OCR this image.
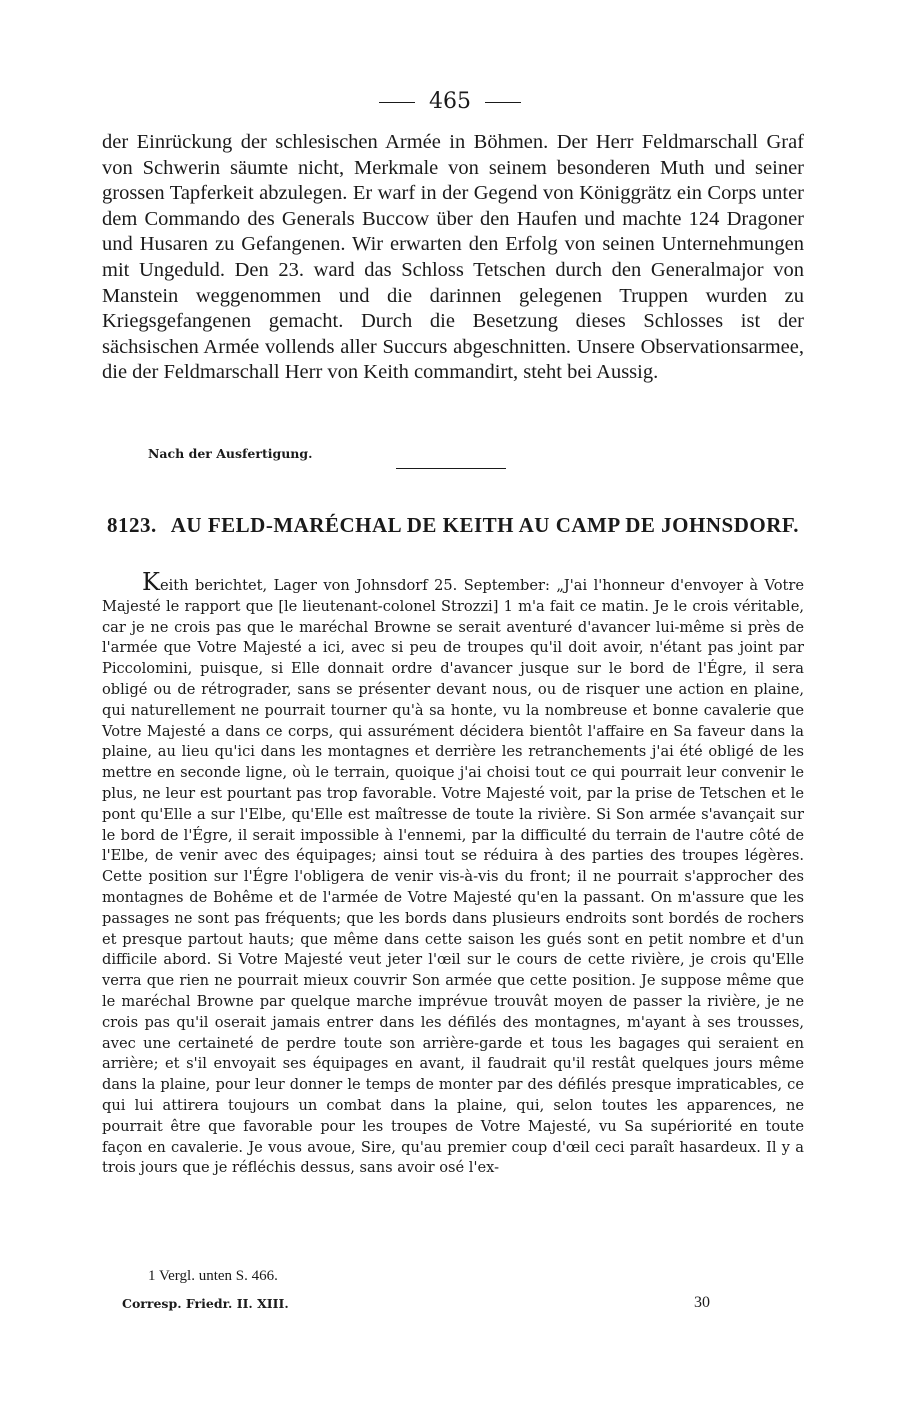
465

der Einrückung der schlesischen Armée in Böhmen. Der Herr Feldmarschall Graf von Schwerin säumte nicht, Merkmale von seinem besonderen Muth und seiner grossen Tapferkeit abzulegen. Er warf in der Gegend von Königgrätz ein Corps unter dem Commando des Generals Buccow über den Haufen und machte 124 Dragoner und Husaren zu Gefangenen. Wir erwarten den Erfolg von seinen Unternehmungen mit Ungeduld. Den 23. ward das Schloss Tetschen durch den Generalmajor von Manstein weggenommen und die darinnen gelegenen Truppen wurden zu Kriegsgefangenen gemacht. Durch die Besetzung dieses Schlosses ist der sächsischen Armée vollends aller Succurs abgeschnitten. Unsere Observationsarmee, die der Feldmarschall Herr von Keith commandirt, steht bei Aussig.

Nach der Ausfertigung.

8123. AU FELD-MARÉCHAL DE KEITH AU CAMP DE JOHNSDORF.

Keith berichtet, Lager von Johnsdorf 25. September: „J'ai l'honneur d'envoyer à Votre Majesté le rapport que [le lieutenant-colonel Strozzi] 1 m'a fait ce matin. Je le crois véritable, car je ne crois pas que le maréchal Browne se serait aventuré d'avancer lui-même si près de l'armée que Votre Majesté a ici, avec si peu de troupes qu'il doit avoir, n'étant pas joint par Piccolomini, puisque, si Elle donnait ordre d'avancer jusque sur le bord de l'Égre, il sera obligé ou de rétrograder, sans se présenter devant nous, ou de risquer une action en plaine, qui naturellement ne pourrait tourner qu'à sa honte, vu la nombreuse et bonne cavalerie que Votre Majesté a dans ce corps, qui assurément décidera bientôt l'affaire en Sa faveur dans la plaine, au lieu qu'ici dans les montagnes et derrière les retranchements j'ai été obligé de les mettre en seconde ligne, où le terrain, quoique j'ai choisi tout ce qui pourrait leur convenir le plus, ne leur est pourtant pas trop favorable. Votre Majesté voit, par la prise de Tetschen et le pont qu'Elle a sur l'Elbe, qu'Elle est maîtresse de toute la rivière. Si Son armée s'avançait sur le bord de l'Égre, il serait impossible à l'ennemi, par la difficulté du terrain de l'autre côté de l'Elbe, de venir avec des équipages; ainsi tout se réduira à des parties des troupes légères. Cette position sur l'Égre l'obligera de venir vis-à-vis du front; il ne pourrait s'approcher des montagnes de Bohême et de l'armée de Votre Majesté qu'en la passant. On m'assure que les passages ne sont pas fréquents; que les bords dans plusieurs endroits sont bordés de rochers et presque partout hauts; que même dans cette saison les gués sont en petit nombre et d'un difficile abord. Si Votre Majesté veut jeter l'œil sur le cours de cette rivière, je crois qu'Elle verra que rien ne pourrait mieux couvrir Son armée que cette position. Je suppose même que le maréchal Browne par quelque marche imprévue trouvât moyen de passer la rivière, je ne crois pas qu'il oserait jamais entrer dans les défilés des montagnes, m'ayant à ses trousses, avec une certaineté de perdre toute son arrière-garde et tous les bagages qui seraient en arrière; et s'il envoyait ses équipages en avant, il faudrait qu'il restât quelques jours même dans la plaine, pour leur donner le temps de monter par des défilés presque impraticables, ce qui lui attirera toujours un combat dans la plaine, qui, selon toutes les apparences, ne pourrait être que favorable pour les troupes de Votre Majesté, vu Sa supériorité en toute façon en cavalerie. Je vous avoue, Sire, qu'au premier coup d'œil ceci paraît hasardeux. Il y a trois jours que je réfléchis dessus, sans avoir osé l'ex-

1 Vergl. unten S. 466.

Corresp. Friedr. II. XIII.	30
